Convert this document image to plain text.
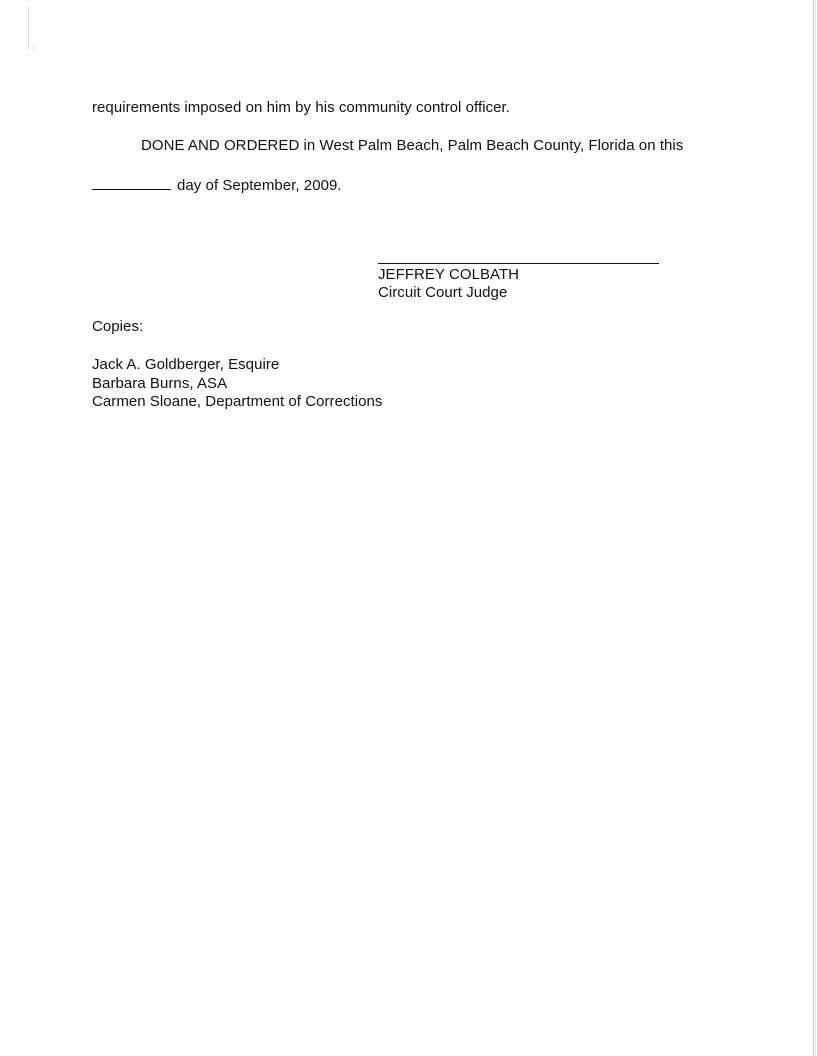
requirements imposed on him by his community control officer.
DONE AND ORDERED in West Palm Beach, Palm Beach County, Florida on this
day of September, 2009.
JEFFREY COLBATH
Circuit Court Judge
Copies:
Jack A. Goldberger, Esquire
Barbara Burns, ASA
Carmen Sloane, Department of Corrections
